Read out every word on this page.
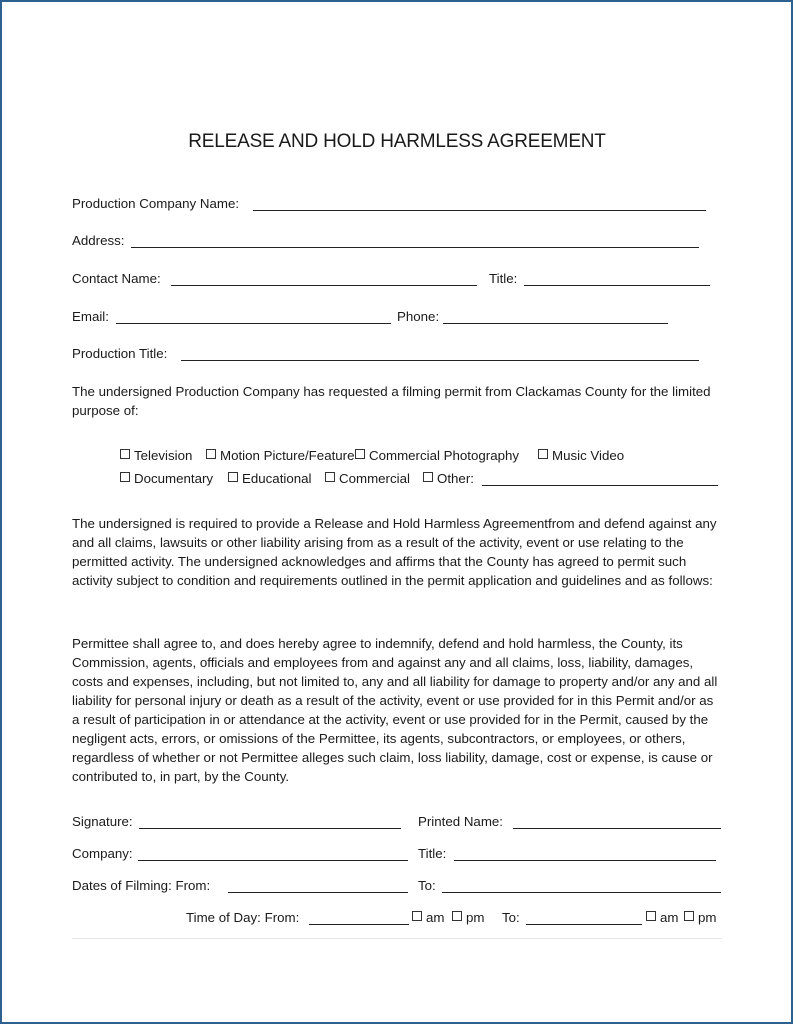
RELEASE AND HOLD HARMLESS AGREEMENT
Production Company Name:
Address:
Contact Name:	Title:
Email:	Phone:
Production Title:
The undersigned Production Company has requested a filming permit from Clackamas County for the limited purpose of:
Television	Motion Picture/Feature	Commercial Photography	Music Video
Documentary	Educational	Commercial	Other:
The undersigned is required to provide a Release and Hold Harmless Agreementfrom and defend against any and all claims, lawsuits or other liability arising from as a result of the activity, event or use relating to the permitted activity. The undersigned acknowledges and affirms that the County has agreed to permit such activity subject to condition and requirements outlined in the permit application and guidelines and as follows:
Permittee shall agree to, and does hereby agree to indemnify, defend and hold harmless, the County, its Commission, agents, officials and employees from and against any and all claims, loss, liability, damages, costs and expenses, including, but not limited to, any and all liability for damage to property and/or any and all liability for personal injury or death as a result of the activity, event or use provided for in this Permit and/or as a result of participation in or attendance at the activity, event or use provided for in the Permit, caused by the negligent acts, errors, or omissions of the Permittee, its agents, subcontractors, or employees, or others, regardless of whether or not Permittee alleges such claim, loss liability, damage, cost or expense, is cause or contributed to, in part, by the County.
Signature:	Printed Name:
Company:	Title:
Dates of Filming: From:	To:
Time of Day: From:	am	pm To:	am	pm
